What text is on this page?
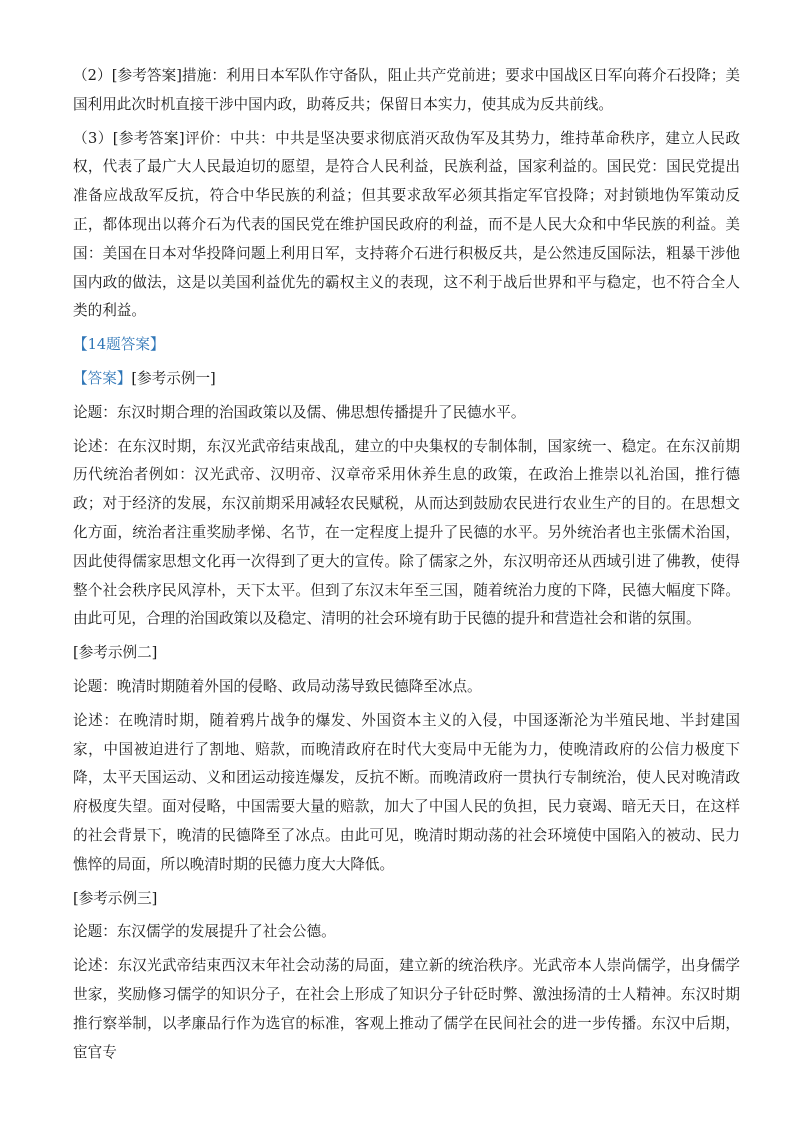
（2）[参考答案]措施：利用日本军队作守备队，阻止共产党前进；要求中国战区日军向蒋介石投降；美国利用此次时机直接干涉中国内政，助蒋反共；保留日本实力，使其成为反共前线。

（3）[参考答案]评价：中共：中共是坚决要求彻底消灭敌伪军及其势力，维持革命秩序，建立人民政权，代表了最广大人民最迫切的愿望，是符合人民利益，民族利益，国家利益的。国民党：国民党提出准备应战敌军反抗，符合中华民族的利益；但其要求敌军必须其指定军官投降；对封锁地伪军策动反正，都体现出以蒋介石为代表的国民党在维护国民政府的利益，而不是人民大众和中华民族的利益。美国：美国在日本对华投降问题上利用日军，支持蒋介石进行积极反共，是公然违反国际法，粗暴干涉他国内政的做法，这是以美国利益优先的霸权主义的表现，这不利于战后世界和平与稳定，也不符合全人类的利益。

【14题答案】

【答案】[参考示例一]

论题：东汉时期合理的治国政策以及儒、佛思想传播提升了民德水平。

论述：在东汉时期，东汉光武帝结束战乱，建立的中央集权的专制体制，国家统一、稳定。在东汉前期历代统治者例如：汉光武帝、汉明帝、汉章帝采用休养生息的政策，在政治上推崇以礼治国，推行德政；对于经济的发展，东汉前期采用减轻农民赋税，从而达到鼓励农民进行农业生产的目的。在思想文化方面，统治者注重奖励孝悌、名节，在一定程度上提升了民德的水平。另外统治者也主张儒术治国，因此使得儒家思想文化再一次得到了更大的宣传。除了儒家之外，东汉明帝还从西域引进了佛教，使得整个社会秩序民风淳朴，天下太平。但到了东汉末年至三国，随着统治力度的下降，民德大幅度下降。由此可见，合理的治国政策以及稳定、清明的社会环境有助于民德的提升和营造社会和谐的氛围。

[参考示例二]

论题：晚清时期随着外国的侵略、政局动荡导致民德降至冰点。

论述：在晚清时期，随着鸦片战争的爆发、外国资本主义的入侵，中国逐渐沦为半殖民地、半封建国家，中国被迫进行了割地、赔款，而晚清政府在时代大变局中无能为力，使晚清政府的公信力极度下降，太平天国运动、义和团运动接连爆发，反抗不断。而晚清政府一贯执行专制统治，使人民对晚清政府极度失望。面对侵略，中国需要大量的赔款，加大了中国人民的负担，民力衰竭、暗无天日，在这样的社会背景下，晚清的民德降至了冰点。由此可见，晚清时期动荡的社会环境使中国陷入的被动、民力憔悴的局面，所以晚清时期的民德力度大大降低。

[参考示例三]

论题：东汉儒学的发展提升了社会公德。

论述：东汉光武帝结束西汉末年社会动荡的局面，建立新的统治秩序。光武帝本人崇尚儒学，出身儒学世家，奖励修习儒学的知识分子，在社会上形成了知识分子针砭时弊、激浊扬清的士人精神。东汉时期推行察举制，以孝廉品行作为选官的标准，客观上推动了儒学在民间社会的进一步传播。东汉中后期，宦官专
